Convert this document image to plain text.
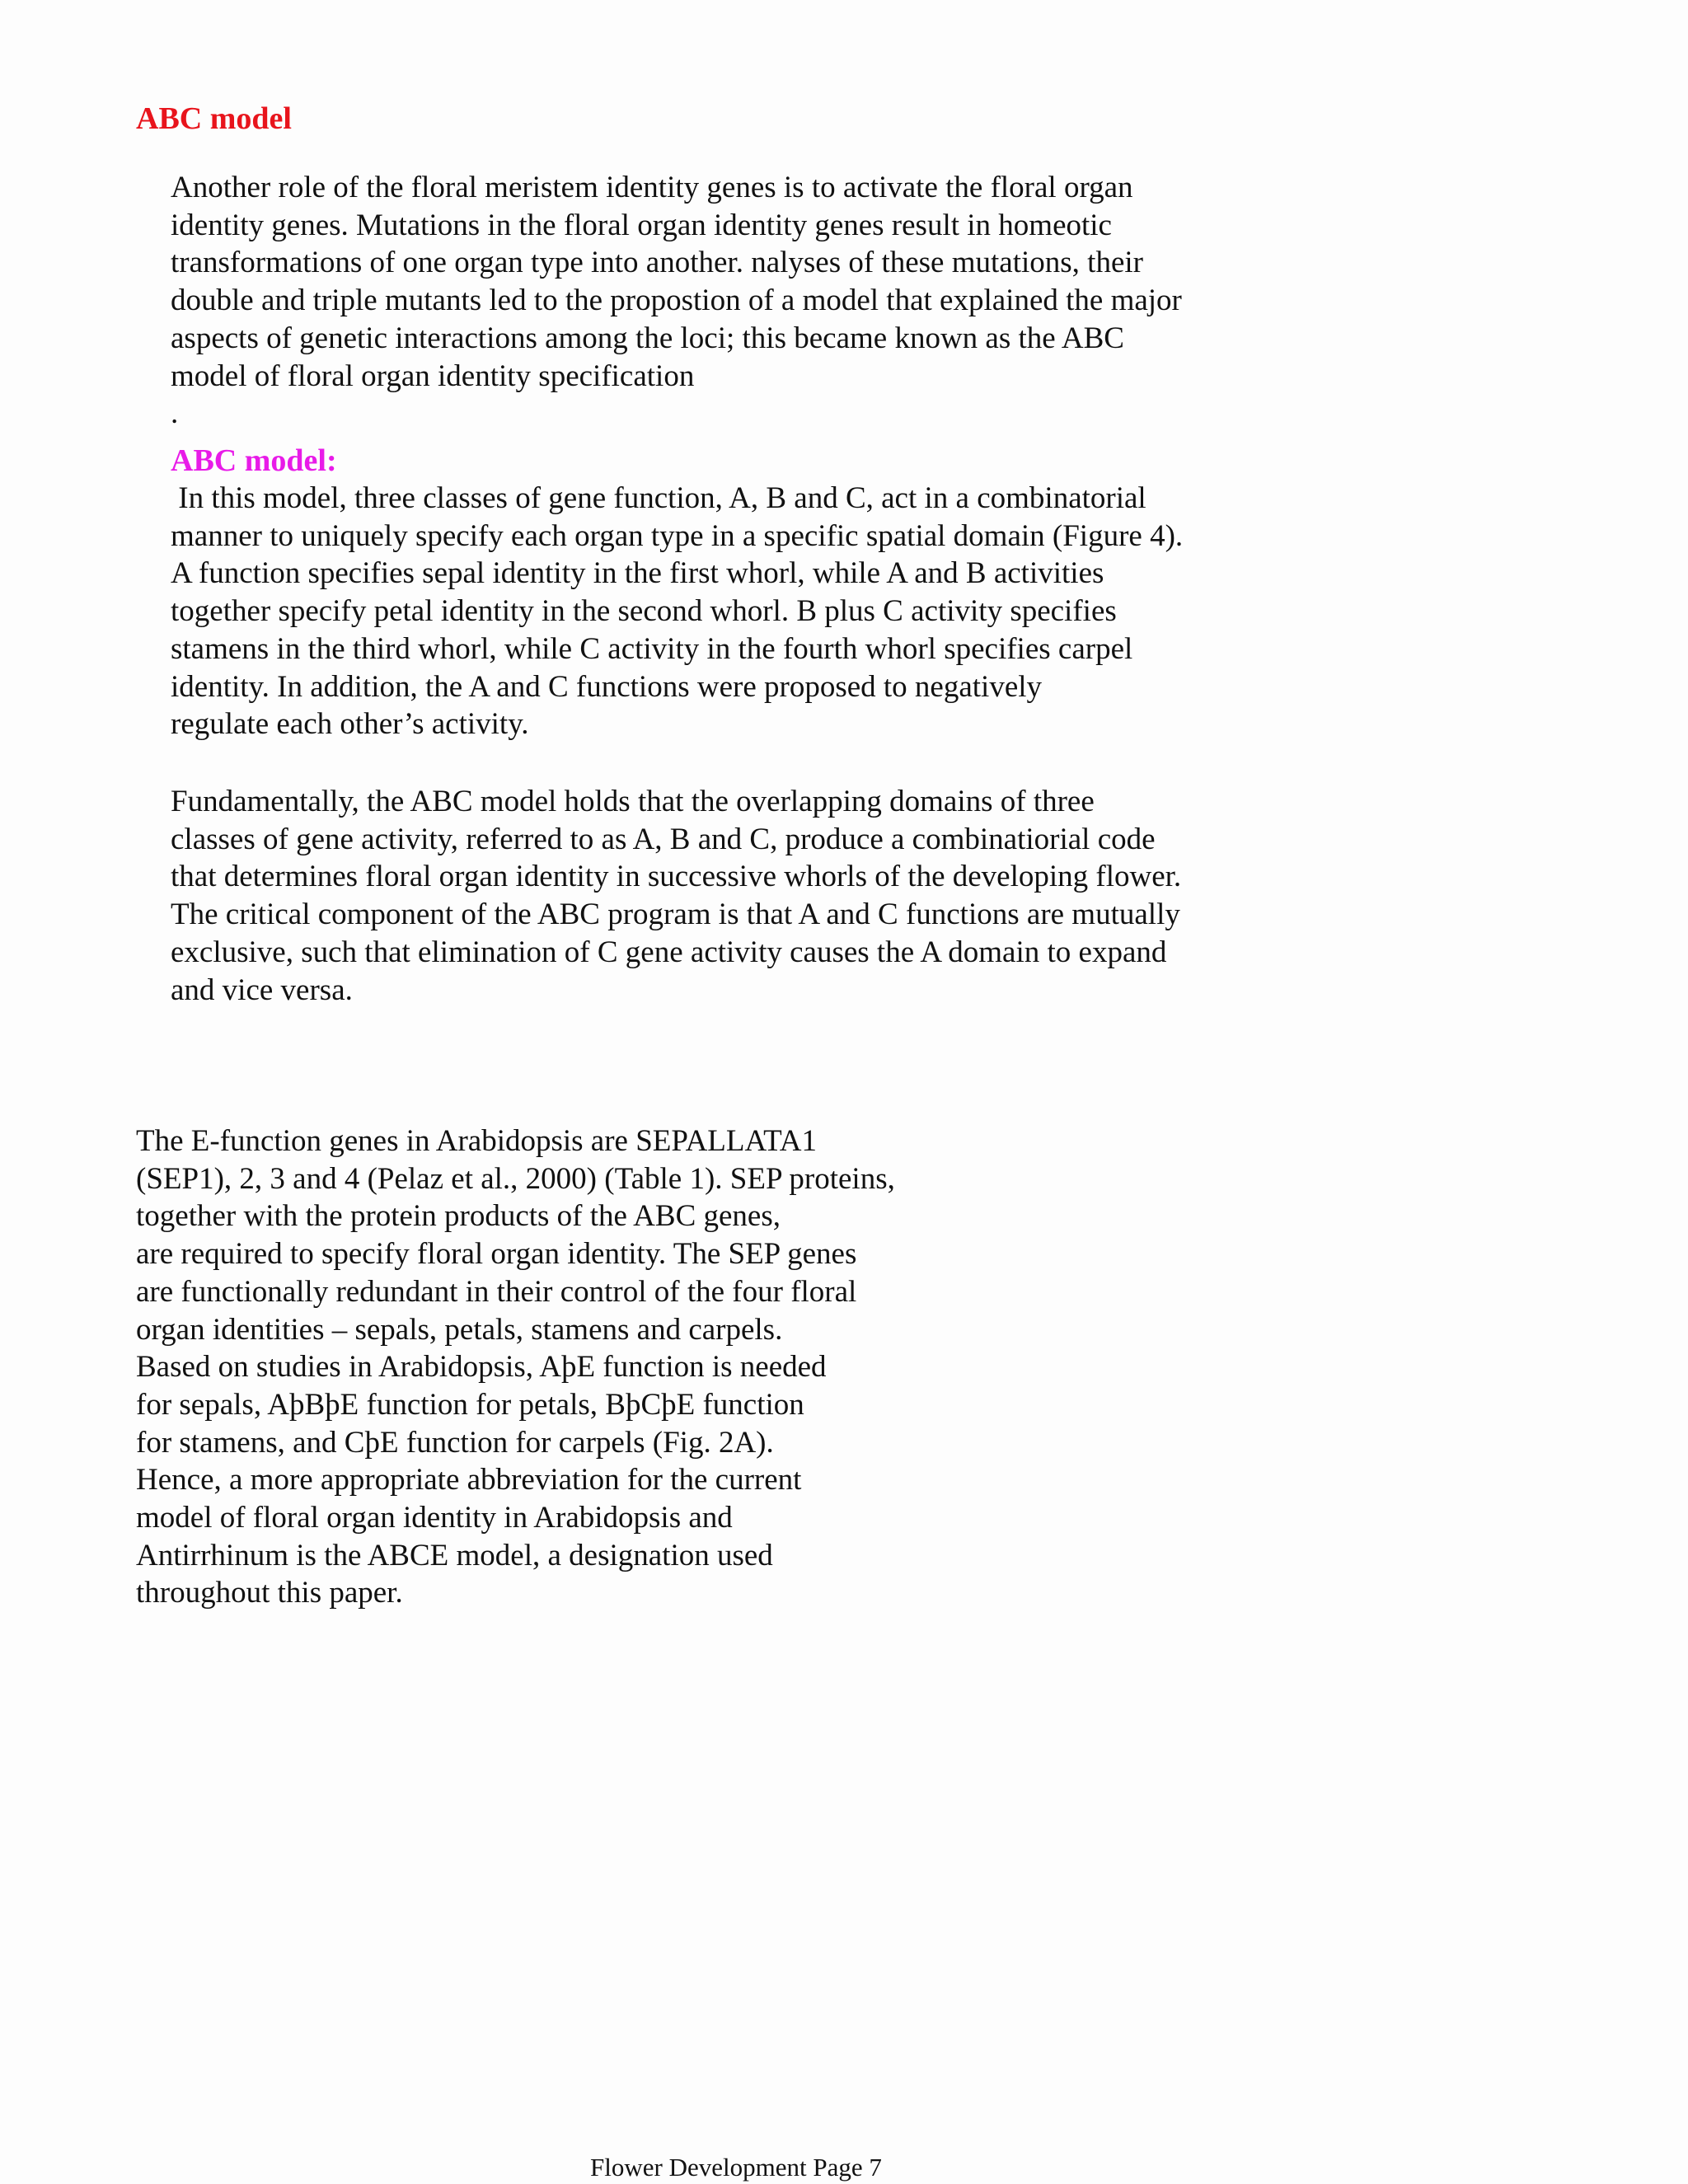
ABC model

Another role of the floral meristem identity genes is to activate the floral organ
identity genes. Mutations in the floral organ identity genes result in homeotic
transformations of one organ type into another. nalyses of these mutations, their
double and triple mutants led to the propostion of a model that explained the major
aspects of genetic interactions among the loci; this became known as the ABC
model of floral organ identity specification
.

ABC model:

In this model, three classes of gene function, A, B and C, act in a combinatorial
manner to uniquely specify each organ type in a specific spatial domain (Figure 4).
A function specifies sepal identity in the first whorl, while A and B activities
together specify petal identity in the second whorl. B plus C activity specifies
stamens in the third whorl, while C activity in the fourth whorl specifies carpel
identity. In addition, the A and C functions were proposed to negatively
regulate each other’s activity.

Fundamentally, the ABC model holds that the overlapping domains of three
classes of gene activity, referred to as A, B and C, produce a combinatiorial code
that determines floral organ identity in successive whorls of the developing flower.
The critical component of the ABC program is that A and C functions are mutually
exclusive, such that elimination of C gene activity causes the A domain to expand
and vice versa.

The E-function genes in Arabidopsis are SEPALLATA1
(SEP1), 2, 3 and 4 (Pelaz et al., 2000) (Table 1). SEP proteins,
together with the protein products of the ABC genes,
are required to specify floral organ identity. The SEP genes
are functionally redundant in their control of the four floral
organ identities – sepals, petals, stamens and carpels.
Based on studies in Arabidopsis, AþE function is needed
for sepals, AþBþE function for petals, BþCþE function
for stamens, and CþE function for carpels (Fig. 2A).
Hence, a more appropriate abbreviation for the current
model of floral organ identity in Arabidopsis and
Antirrhinum is the ABCE model, a designation used
throughout this paper.

Flower Development Page 7
